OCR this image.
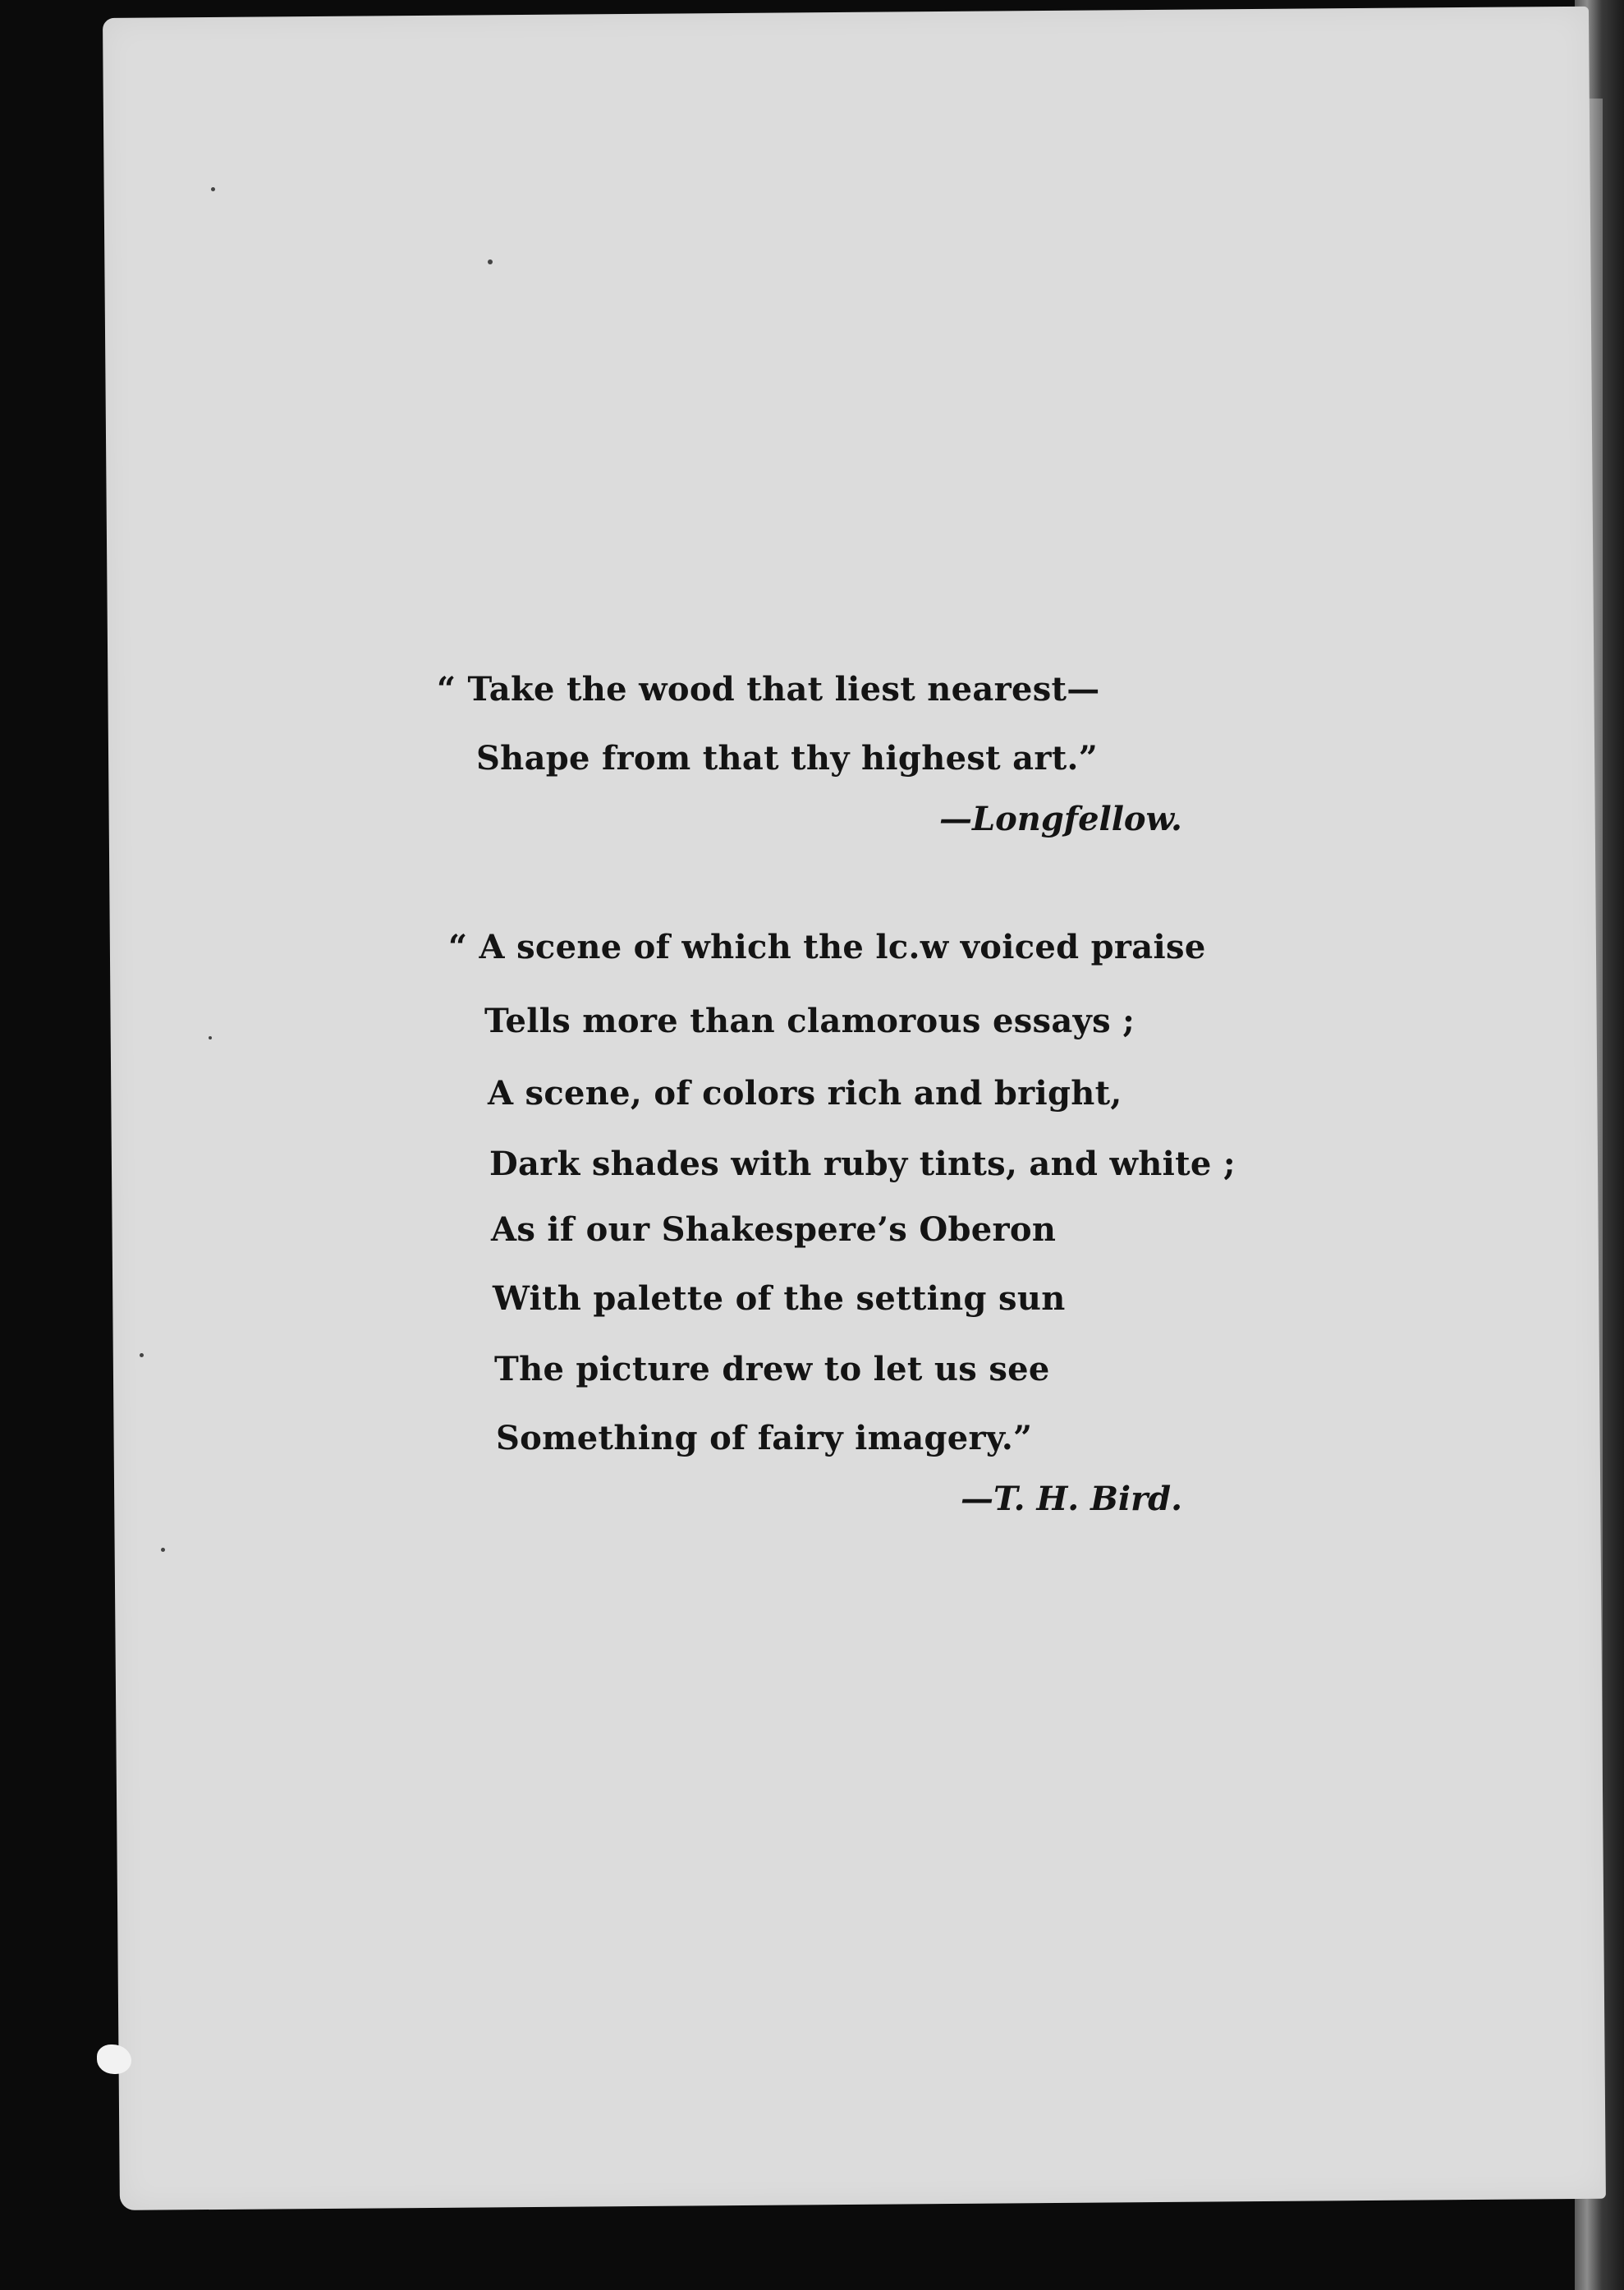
“ Take the wood that liest nearest—
Shape from that thy highest art.”
—Longfellow.
“ A scene of which the lc.w voiced praise
Tells more than clamorous essays ;
A scene, of colors rich and bright,
Dark shades with ruby tints, and white ;
As if our Shakespere’s Oberon
With palette of the setting sun
The picture drew to let us see
Something of fairy imagery.”
—T. H. Bird.
